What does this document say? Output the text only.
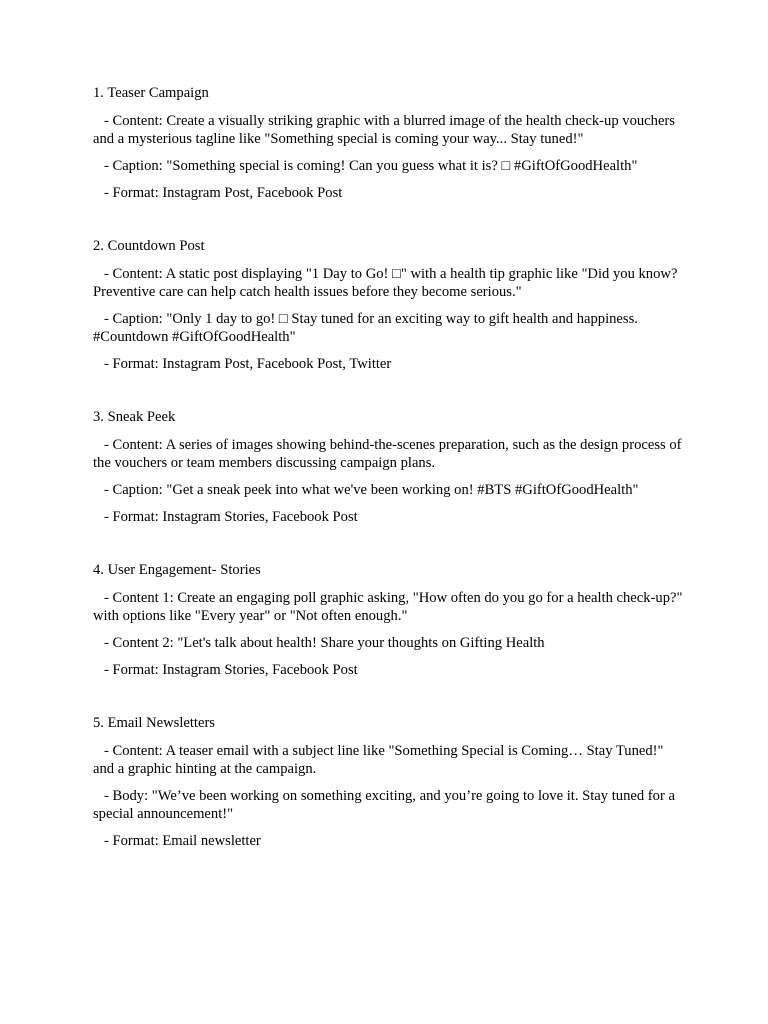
1. Teaser Campaign
- Content: Create a visually striking graphic with a blurred image of the health check-up vouchers and a mysterious tagline like "Something special is coming your way... Stay tuned!"
- Caption: "Something special is coming! Can you guess what it is? □ #GiftOfGoodHealth"
- Format: Instagram Post, Facebook Post
2. Countdown Post
- Content: A static post displaying "1 Day to Go! □" with a health tip graphic like "Did you know? Preventive care can help catch health issues before they become serious."
- Caption: "Only 1 day to go! □ Stay tuned for an exciting way to gift health and happiness. #Countdown #GiftOfGoodHealth"
- Format: Instagram Post, Facebook Post, Twitter
3. Sneak Peek
- Content: A series of images showing behind-the-scenes preparation, such as the design process of the vouchers or team members discussing campaign plans.
- Caption: "Get a sneak peek into what we've been working on! #BTS #GiftOfGoodHealth"
- Format: Instagram Stories, Facebook Post
4. User Engagement- Stories
- Content 1: Create an engaging poll graphic asking, "How often do you go for a health check-up?" with options like "Every year" or "Not often enough."
- Content 2: "Let's talk about health! Share your thoughts on Gifting Health
- Format: Instagram Stories, Facebook Post
5. Email Newsletters
- Content: A teaser email with a subject line like "Something Special is Coming… Stay Tuned!" and a graphic hinting at the campaign.
- Body: "We’ve been working on something exciting, and you’re going to love it. Stay tuned for a special announcement!"
- Format: Email newsletter
